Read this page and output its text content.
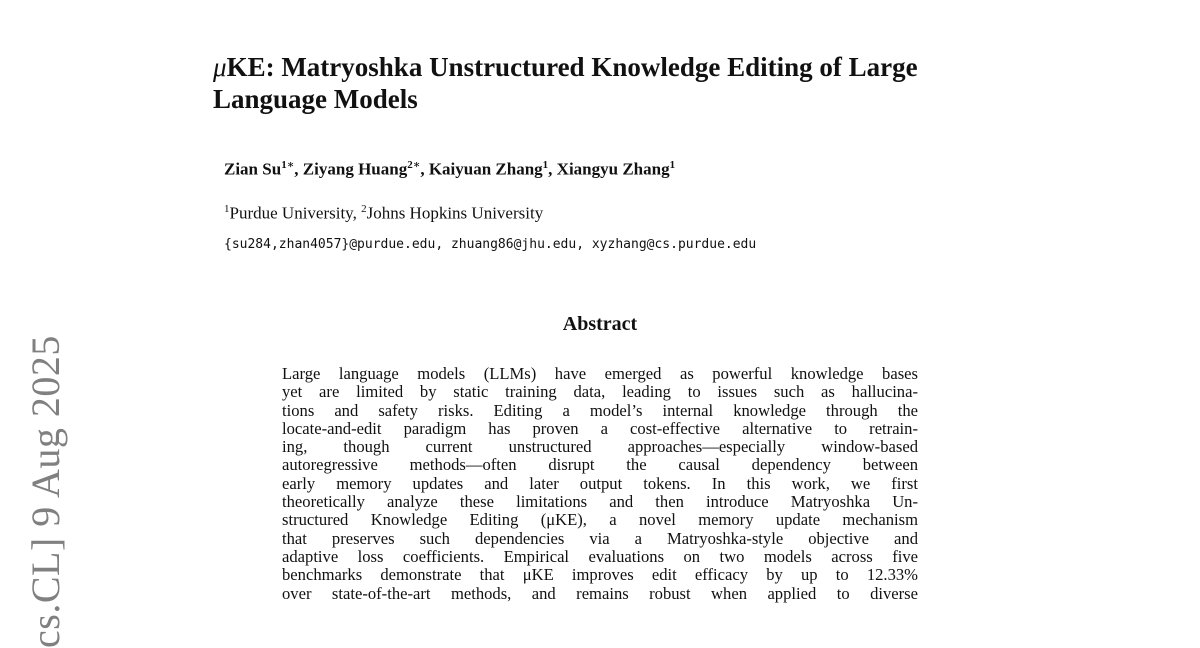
cs.CL] 9 Aug 2025
μKE: Matryoshka Unstructured Knowledge Editing of Large Language Models
Zian $Su^{1∗}$, Ziyang Huang$^{2∗}$, Kaiyuan Zhang$^1$, Xiangyu Zhang$^1$
$^1$Purdue University, $^2$Johns Hopkins University
{su284,zhan4057}@purdue.edu, zhuang86@jhu.edu, xyzhang@cs.purdue.edu
Abstract
Large language models (LLMs) have emerged as powerful knowledge bases
yet are limited by static training data, leading to issues such as hallucina-
tions and safety risks. Editing a model’s internal knowledge through the
locate-and-edit paradigm has proven a cost-effective alternative to retrain-
ing, though current unstructured approaches—especially window-based
autoregressive methods—often disrupt the causal dependency between
early memory updates and later output tokens. In this work, we first
theoretically analyze these limitations and then introduce Matryoshka Un-
structured Knowledge Editing (μKE), a novel memory update mechanism
that preserves such dependencies via a Matryoshka-style objective and
adaptive loss coefficients. Empirical evaluations on two models across five
benchmarks demonstrate that μKE improves edit efficacy by up to 12.33%
over state-of-the-art methods, and remains robust when applied to diverse
